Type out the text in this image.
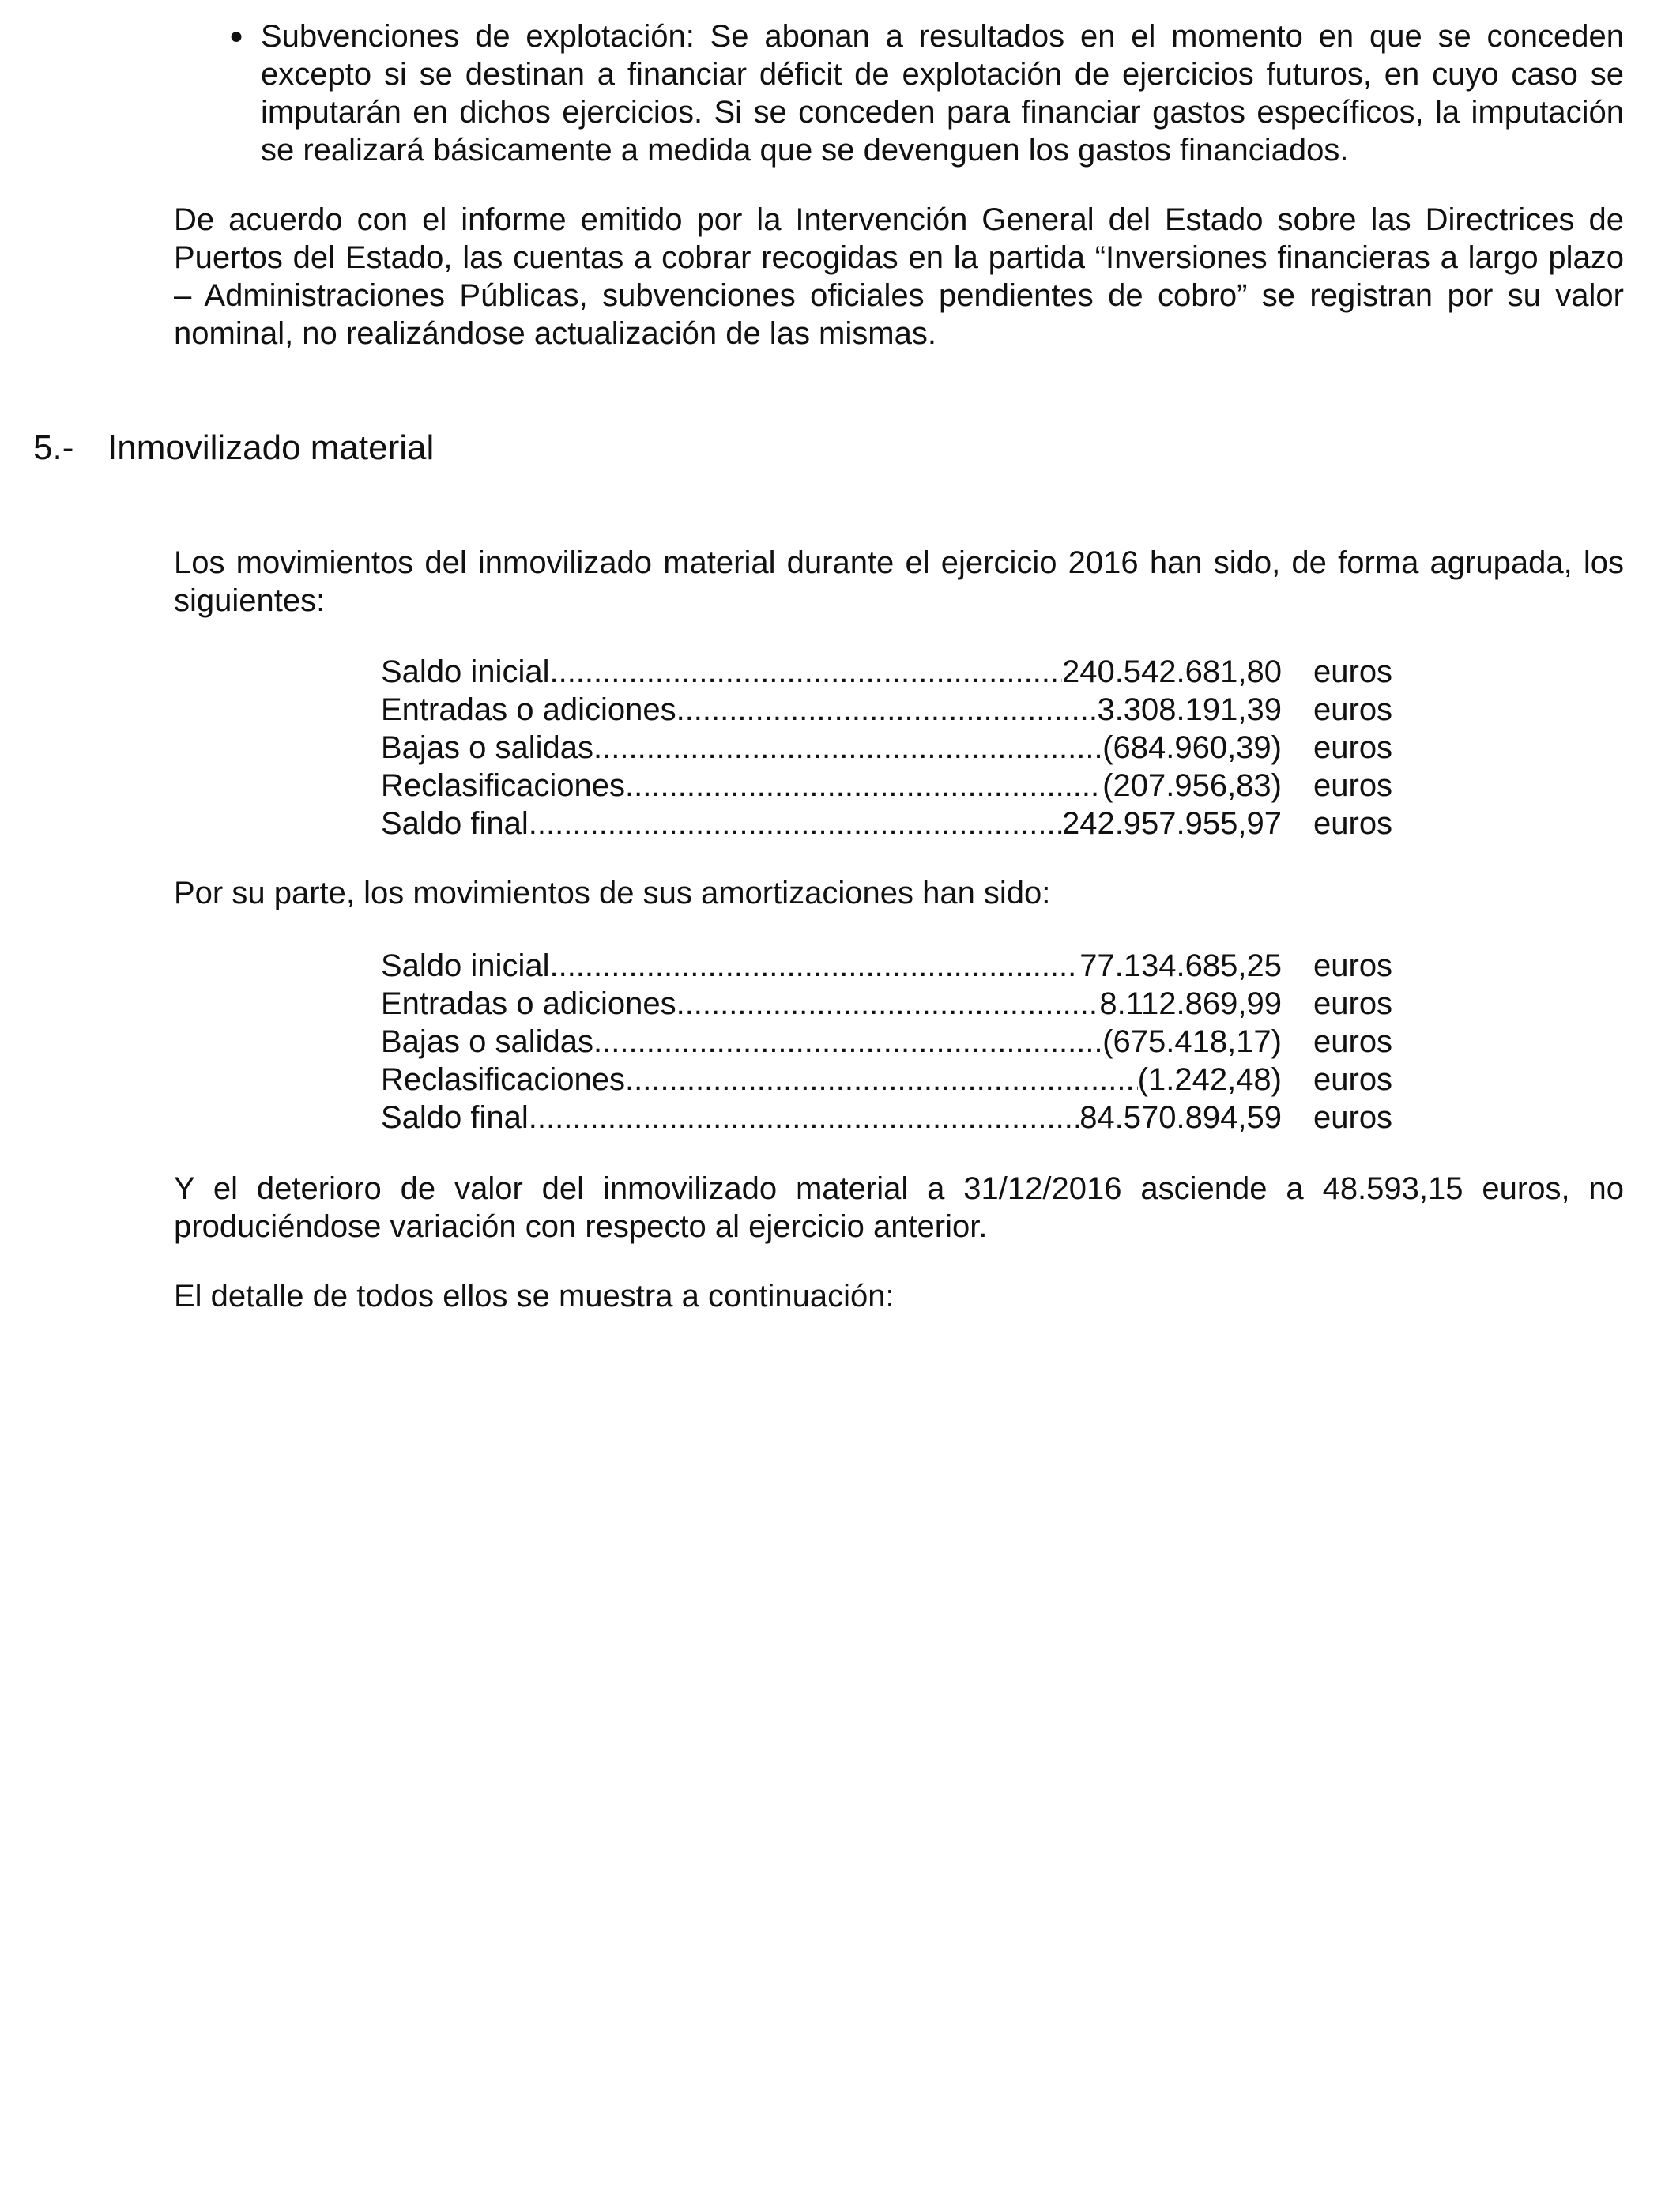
● Subvenciones de explotación: Se abonan a resultados en el momento en que se conceden excepto si se destinan a financiar déficit de explotación de ejercicios futuros, en cuyo caso se imputarán en dichos ejercicios. Si se conceden para financiar gastos específicos, la imputación se realizará básicamente a medida que se devenguen los gastos financiados.

De acuerdo con el informe emitido por la Intervención General del Estado sobre las Directrices de Puertos del Estado, las cuentas a cobrar recogidas en la partida “Inversiones financieras a largo plazo – Administraciones Públicas, subvenciones oficiales pendientes de cobro” se registran por su valor nominal, no realizándose actualización de las mismas.

5.- Inmovilizado material

Los movimientos del inmovilizado material durante el ejercicio 2016 han sido, de forma agrupada, los siguientes:

Saldo inicial .....	240.542.681,80 euros
Entradas o adiciones .....	3.308.191,39 euros
Bajas o salidas .....	(684.960,39) euros
Reclasificaciones .....	(207.956,83) euros
Saldo final .....	242.957.955,97 euros

Por su parte, los movimientos de sus amortizaciones han sido:

Saldo inicial .....	77.134.685,25 euros
Entradas o adiciones .....	8.112.869,99 euros
Bajas o salidas .....	(675.418,17) euros
Reclasificaciones .....	(1.242,48) euros
Saldo final .....	84.570.894,59 euros

Y el deterioro de valor del inmovilizado material a 31/12/2016 asciende a 48.593,15 euros, no produciéndose variación con respecto al ejercicio anterior.

El detalle de todos ellos se muestra a continuación:
